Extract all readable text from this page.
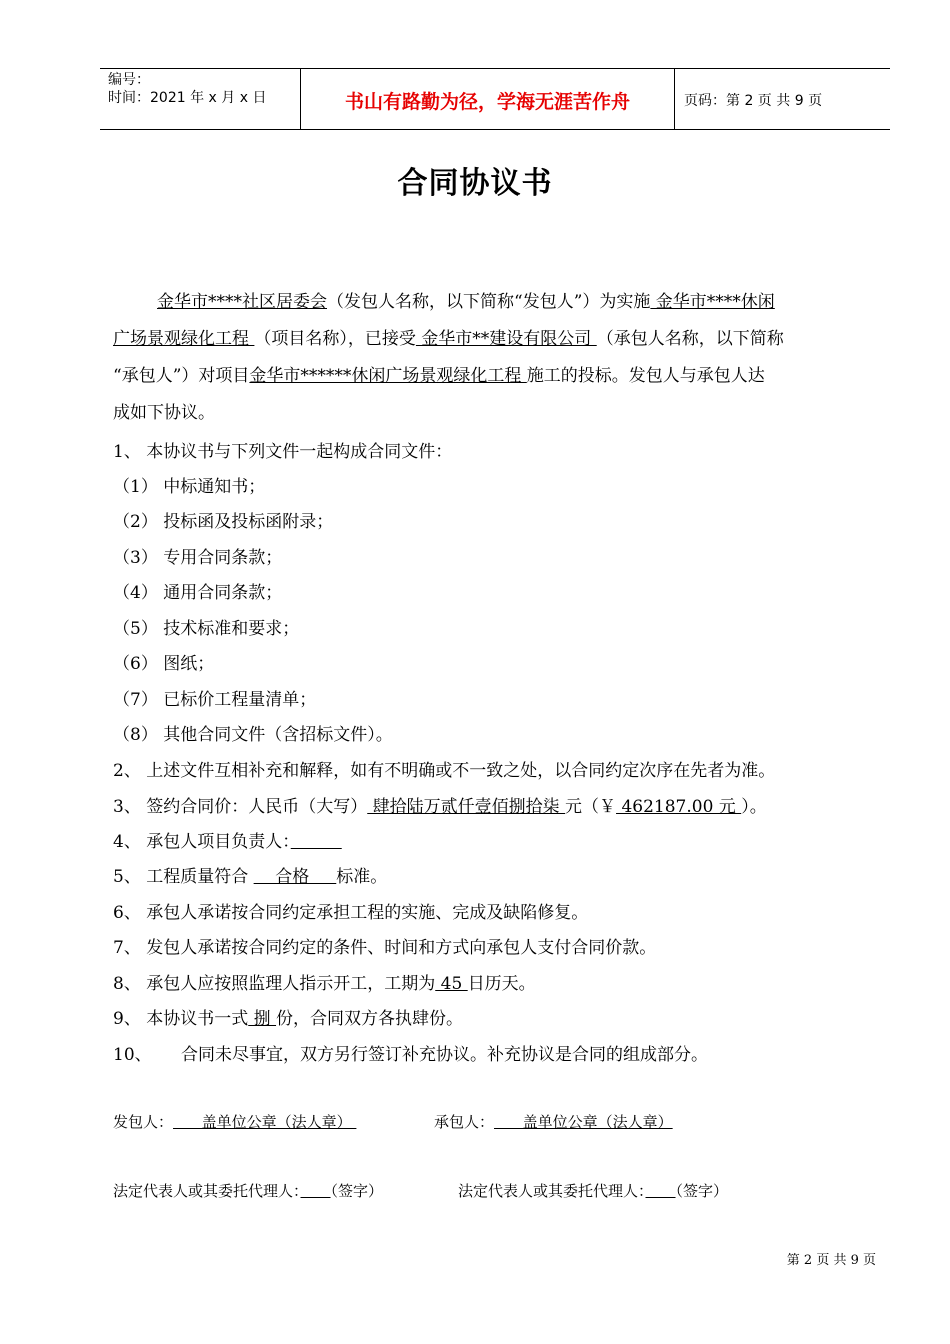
编号：
时间：2021 年 x 月 x 日	书山有路勤为径，学海无涯苦作舟	页码：第 2 页 共 9 页
合同协议书
金华市****社区居委会（发包人名称，以下简称“发包人”）为实施 金华市****休闲
广场景观绿化工程 （项目名称），已接受 金华市**建设有限公司 （承包人名称，以下简称
“承包人”）对项目金华市******休闲广场景观绿化工程 施工的投标。发包人与承包人达
成如下协议。
1、 本协议书与下列文件一起构成合同文件：
（1） 中标通知书；
（2） 投标函及投标函附录；
（3） 专用合同条款；
（4） 通用合同条款；
（5） 技术标准和要求；
（6） 图纸；
（7） 已标价工程量清单；
（8） 其他合同文件（含招标文件）。
2、 上述文件互相补充和解释，如有不明确或不一致之处，以合同约定次序在先者为准。
3、 签约合同价：人民币（大写） 肆拾陆万贰仟壹佰捌拾柒 元（￥ 462187.00 元 ）。
4、 承包人项目负责人：　　　
5、 工程质量符合     合格     标准。
6、 承包人承诺按合同约定承担工程的实施、完成及缺陷修复。
7、 发包人承诺按合同约定的条件、时间和方式向承包人支付合同价款。
8、 承包人应按照监理人指示开工，工期为 45 日历天。
9、 本协议书一式 捌 份，合同双方各执肆份。
10、 合同未尽事宜，双方另行签订补充协议。补充协议是合同的组成部分。
发包人：      盖单位公章（法人章）	承包人：      盖单位公章（法人章）
法定代表人或其委托代理人：　　 （签字）	法定代表人或其委托代理人：　　 （签字）
第 2 页 共 9 页
